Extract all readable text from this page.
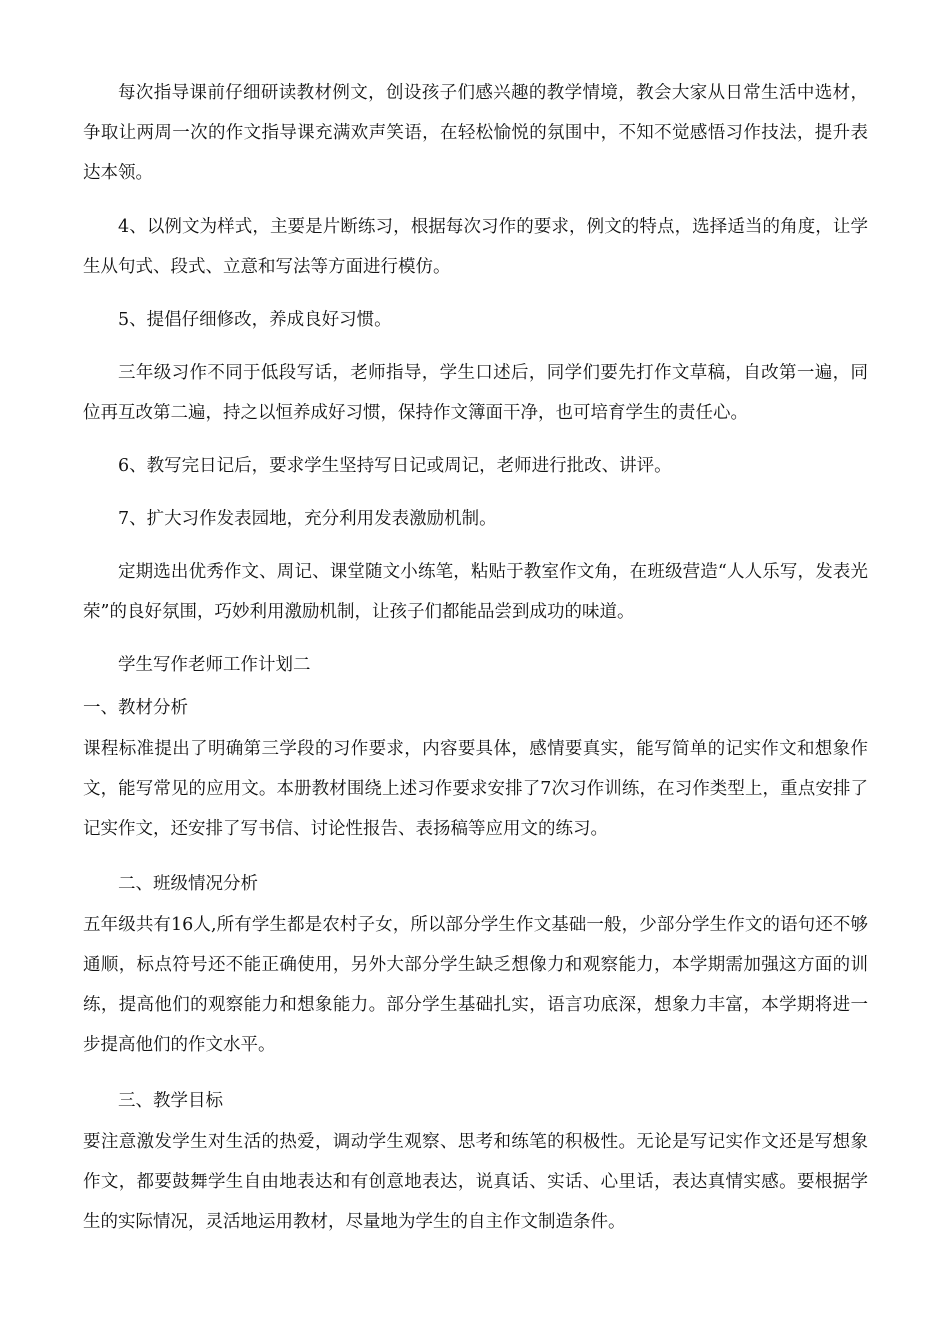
每次指导课前仔细研读教材例文，创设孩子们感兴趣的教学情境，教会大家从日常生活中选材，争取让两周一次的作文指导课充满欢声笑语，在轻松愉悦的氛围中，不知不觉感悟习作技法，提升表达本领。

4、以例文为样式，主要是片断练习，根据每次习作的要求，例文的特点，选择适当的角度，让学生从句式、段式、立意和写法等方面进行模仿。

5、提倡仔细修改，养成良好习惯。

三年级习作不同于低段写话，老师指导，学生口述后，同学们要先打作文草稿，自改第一遍，同位再互改第二遍，持之以恒养成好习惯，保持作文簿面干净，也可培育学生的责任心。

6、教写完日记后，要求学生坚持写日记或周记，老师进行批改、讲评。

7、扩大习作发表园地，充分利用发表激励机制。

定期选出优秀作文、周记、课堂随文小练笔，粘贴于教室作文角，在班级营造“人人乐写，发表光荣”的良好氛围，巧妙利用激励机制，让孩子们都能品尝到成功的味道。

学生写作老师工作计划二

一、教材分析

课程标准提出了明确第三学段的习作要求，内容要具体，感情要真实，能写简单的记实作文和想象作文，能写常见的应用文。本册教材围绕上述习作要求安排了7次习作训练，在习作类型上，重点安排了记实作文，还安排了写书信、讨论性报告、表扬稿等应用文的练习。

二、班级情况分析

五年级共有16人,所有学生都是农村子女，所以部分学生作文基础一般，少部分学生作文的语句还不够通顺，标点符号还不能正确使用，另外大部分学生缺乏想像力和观察能力，本学期需加强这方面的训练，提高他们的观察能力和想象能力。部分学生基础扎实，语言功底深，想象力丰富，本学期将进一步提高他们的作文水平。

三、教学目标

要注意激发学生对生活的热爱，调动学生观察、思考和练笔的积极性。无论是写记实作文还是写想象作文，都要鼓舞学生自由地表达和有创意地表达，说真话、实话、心里话，表达真情实感。要根据学生的实际情况，灵活地运用教材，尽量地为学生的自主作文制造条件。
